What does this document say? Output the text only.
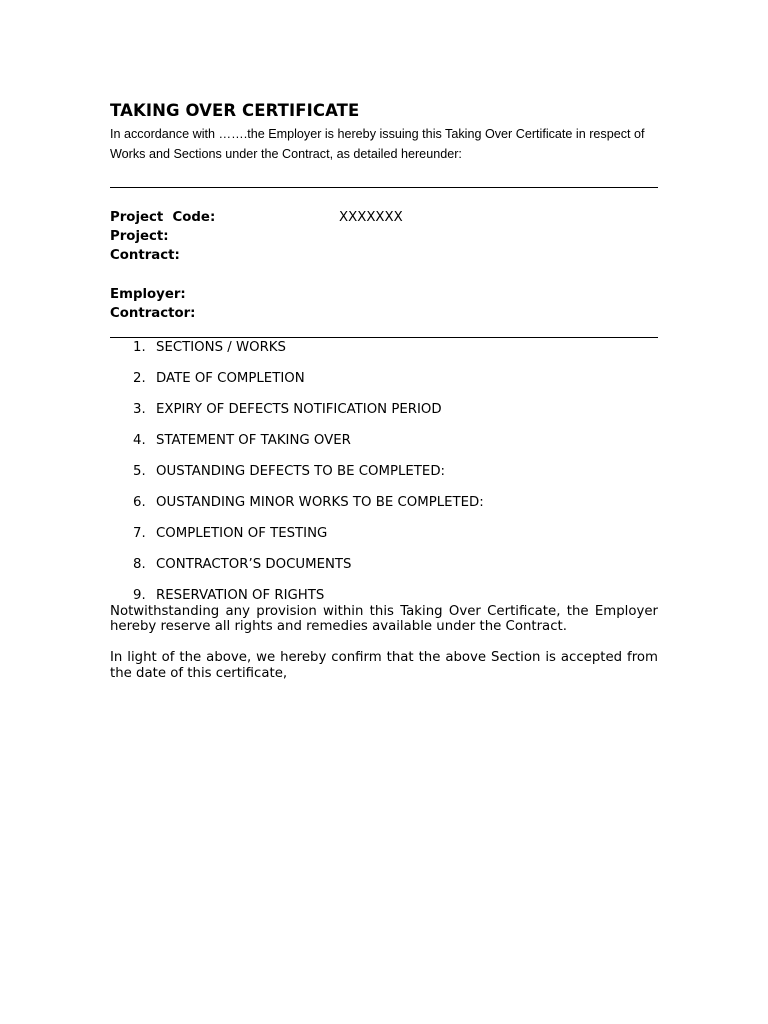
TAKING OVER CERTIFICATE

In accordance with …….the Employer is hereby issuing this Taking Over Certificate in respect of Works and Sections under the Contract, as detailed hereunder:

Project  Code:	XXXXXXX
Project:
Contract:
Employer:
Contractor:
1. SECTIONS / WORKS
2. DATE OF COMPLETION
3. EXPIRY OF DEFECTS NOTIFICATION PERIOD
4. STATEMENT OF TAKING OVER
5. OUSTANDING DEFECTS TO BE COMPLETED:
6. OUSTANDING MINOR WORKS TO BE COMPLETED:
7. COMPLETION OF TESTING
8. CONTRACTOR’S DOCUMENTS
9. RESERVATION OF RIGHTS

Notwithstanding any provision within this Taking Over Certificate, the Employer hereby reserve all rights and remedies available under the Contract.

In light of the above, we hereby confirm that the above Section is accepted from the date of this certificate,
